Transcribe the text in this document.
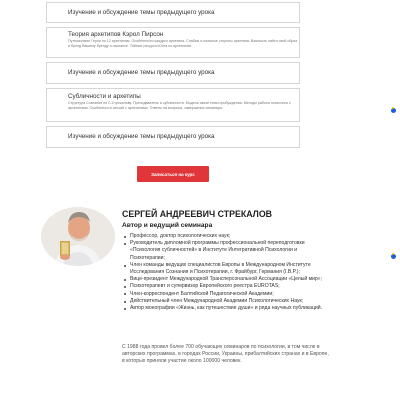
Изучение и обсуждение темы предыдущего урока
Теория архетипов Кэрол Пирсон
Путешествие Героя по 12 архетипам. Особенности каждого архетипа. Слабые и сильные стороны архетипа. Важность найти свой образ и бренд Вашему бренду и пасхалке. Тайные ресурсы Юнга по архетипам.
Изучение и обсуждение темы предыдущего урока
Субличности и архетипы
Структура Сознания по С.Стрекалову. Преподаватель и субличности. Модель связи темы пробуждения. Методы работы психолога с архетипами. Особенности сессий с архетипами. Ответы на вопросы, завершение семинара.
Изучение и обсуждение темы предыдущего урока
Записаться на курс
СЕРГЕЙ АНДРЕЕВИЧ СТРЕКАЛОВ
Автор и ведущий семинара
Профессор, доктор психологических наук;
Руководитель дипломной программы профессиональной переподготовки «Психология субличностей» в Институте Интегративной Психологии и Психотерапии;
Член команды ведущих специалистов Европы в Международном Институте Исследования Сознания и Психотерапии, г. Фрайбург, Германия (I.B.P.);
Вице-президент Международной Трансперсональной Ассоциации «Целый мир»;
Психотерапевт и супервизор Европейского реестра EUROTAS;
Член-корреспондент Балтийской Педагогической Академии;
Действительный член Международной Академии Психологических Наук;
Автор монографии «Жизнь, как путешествие души» и ряда научных публикаций.

С 1988 года провел более 700 обучающих семинаров по психологии, в том числе в авторских программах, в городах России, Украины, прибалтийских странах и в Европе, в которых приняли участие около 100000 человек.
